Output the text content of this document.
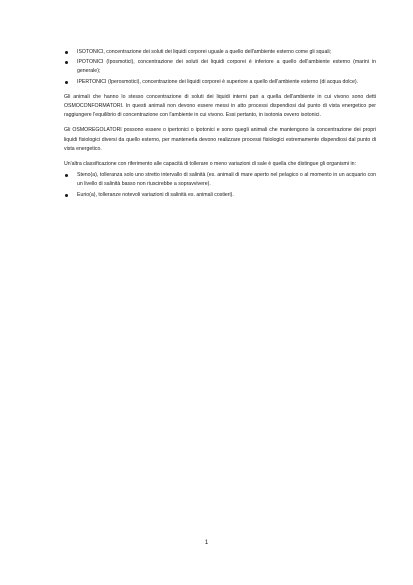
ISOTONICI, concentrazione dei soluti dei liquidi corporei uguale a quello dell'ambiente esterno come gli squali;
IPOTONICI (Iposmotici), concentrazione dei soluti dei liquidi corporei è inferiore a quello dell'ambiente esterno (marini in generale);
IPERTONICI (Iperosmotici), concentrazione dei liquidi corporei è superiore a quello dell'ambiente esterno (di acqua dolce).

Gli animali che hanno lo stesso concentrazione di soluti dei liquidi interni pari a quella dell'ambiente in cui vivono sono detti OSMOCONFORMATORI. In questi animali non devono essere messi in atto processi dispendiosi dal punto di vista energetico per raggiungere l'equilibrio di concentrazione con l'ambiente in cui vivono. Essi pertanto, in isotonia ovvero isotonici.

Gli OSMOREGOLATORI possono essere o ipertonici o ipotonici e sono quegli animali che mantengono la concentrazione dei propri liquidi fisiologici diversi da quello esterno, per mantenerla devono realizzare processi fisiologici estremamente dispendiosi dal punto di vista energetico.

Un'altra classificazione con riferimento alle capacità di tollerare o meno variazioni di sale è quella che distingue gli organismi in:

Steno(a), tolleranza solo uno stretto intervallo di salinità (es. animali di mare aperto nel pelagico o al momento in un acquario con un livello di salinità basso non riuscirebbe a sopravvivere).
Eurio(a), tolleranze notevoli variazioni di salinità es. animali costieri).
1
